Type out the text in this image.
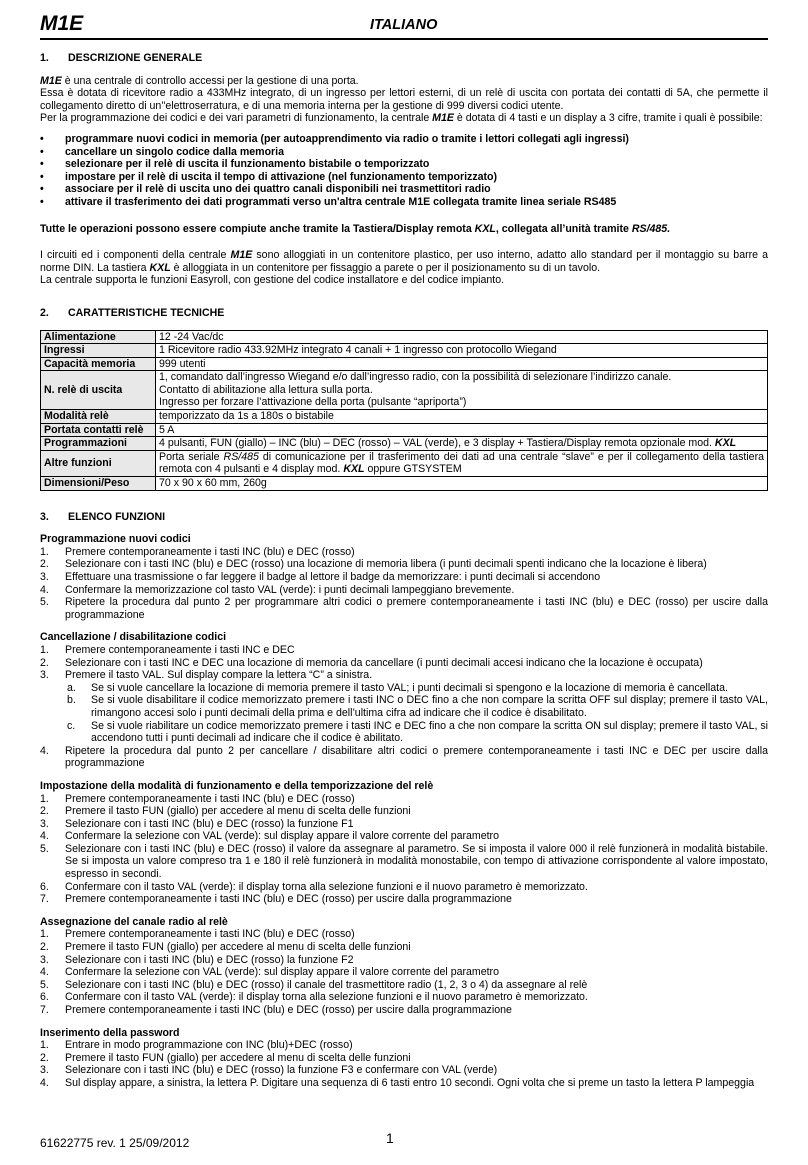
M1E	ITALIANO
1. DESCRIZIONE GENERALE

M1E è una centrale di controllo accessi per la gestione di una porta.

Essa è dotata di ricevitore radio a 433MHz integrato, di un ingresso per lettori esterni, di un relè di uscita con portata dei contatti di 5A, che permette il collegamento diretto di un''elettroserratura, e di una memoria interna per la gestione di 999 diversi codici utente.

Per la programmazione dei codici e dei vari parametri di funzionamento, la centrale M1E è dotata di 4 tasti e un display a 3 cifre, tramite i quali è possibile:

• programmare nuovi codici in memoria (per autoapprendimento via radio o tramite i lettori collegati agli ingressi)
• cancellare un singolo codice dalla memoria
• selezionare per il relè di uscita il funzionamento bistabile o temporizzato
• impostare per il relè di uscita il tempo di attivazione (nel funzionamento temporizzato)
• associare per il relè di uscita uno dei quattro canali disponibili nei trasmettitori radio
• attivare il trasferimento dei dati programmati verso un'altra centrale M1E collegata tramite linea seriale RS485

Tutte le operazioni possono essere compiute anche tramite la Tastiera/Display remota KXL, collegata all’unità tramite RS/485.

I circuiti ed i componenti della centrale M1E sono alloggiati in un contenitore plastico, per uso interno, adatto allo standard per il montaggio su barre a norme DIN. La tastiera KXL è alloggiata in un contenitore per fissaggio a parete o per il posizionamento su di un tavolo.

La centrale supporta le funzioni Easyroll, con gestione del codice installatore e del codice impianto.

2. CARATTERISTICHE TECNICHE
Alimentazione	12 -24 Vac/dc
Ingressi	1 Ricevitore radio 433.92MHz integrato 4 canali + 1 ingresso con protocollo Wiegand
Capacità memoria	999 utenti
N. relè di uscita	1, comandato dall’ingresso Wiegand e/o dall’ingresso radio, con la possibilità di selezionare l’indirizzo canale.
Contatto di abilitazione alla lettura sulla porta.
Ingresso per forzare l’attivazione della porta (pulsante “apriporta”)

Modalità relè	temporizzato da 1s a 180s o bistabile
Portata contatti relè	5 A
Programmazioni	4 pulsanti, FUN (giallo) – INC (blu) – DEC (rosso) – VAL (verde), e 3 display + Tastiera/Display remota opzionale mod. KXL
Altre funzioni	Porta seriale RS/485 di comunicazione per il trasferimento dei dati ad una centrale “slave” e per il collegamento della tastiera remota con 4 pulsanti e 4 display mod. KXL oppure GTSYSTEM
Dimensioni/Peso	70 x 90 x 60 mm, 260g
3. ELENCO FUNZIONI

Programmazione nuovi codici

1. Premere contemporaneamente i tasti INC (blu) e DEC (rosso)
2. Selezionare con i tasti INC (blu) e DEC (rosso) una locazione di memoria libera (i punti decimali spenti indicano che la locazione è libera)
3. Effettuare una trasmissione o far leggere il badge al lettore il badge da memorizzare: i punti decimali si accendono
4. Confermare la memorizzazione col tasto VAL (verde): i punti decimali lampeggiano brevemente.
5. Ripetere la procedura dal punto 2 per programmare altri codici o premere contemporaneamente i tasti INC (blu) e DEC (rosso) per uscire dalla programmazione

Cancellazione / disabilitazione codici

1. Premere contemporaneamente i tasti INC e DEC
2. Selezionare con i tasti INC e DEC una locazione di memoria da cancellare (i punti decimali accesi indicano che la locazione è occupata)
3. Premere il tasto VAL. Sul display compare la lettera “C” a sinistra.
a. Se si vuole cancellare la locazione di memoria premere il tasto VAL; i punti decimali si spengono e la locazione di memoria è cancellata.
b. Se si vuole disabilitare il codice memorizzato premere i tasti INC o DEC fino a che non compare la scritta OFF sul display; premere il tasto VAL, rimangono accesi solo i punti decimali della prima e dell’ultima cifra ad indicare che il codice è disabilitato.
c. Se si vuole riabilitare un codice memorizzato premere i tasti INC e DEC fino a che non compare la scritta ON sul display; premere il tasto VAL, si accendono tutti i punti decimali ad indicare che il codice è abilitato.
4. Ripetere la procedura dal punto 2 per cancellare / disabilitare altri codici o premere contemporaneamente i tasti INC e DEC per uscire dalla programmazione

Impostazione della modalità di funzionamento e della temporizzazione del relè

1. Premere contemporaneamente i tasti INC (blu) e DEC (rosso)
2. Premere il tasto FUN (giallo) per accedere al menu di scelta delle funzioni
3. Selezionare con i tasti INC (blu) e DEC (rosso) la funzione F1
4. Confermare la selezione con VAL (verde): sul display appare il valore corrente del parametro
5. Selezionare con i tasti INC (blu) e DEC (rosso) il valore da assegnare al parametro. Se si imposta il valore 000 il relè funzionerà in modalità bistabile. Se si imposta un valore compreso tra 1 e 180 il relè funzionerà in modalità monostabile, con tempo di attivazione corrispondente al valore impostato, espresso in secondi.
6. Confermare con il tasto VAL (verde): il display torna alla selezione funzioni e il nuovo parametro è memorizzato.
7. Premere contemporaneamente i tasti INC (blu) e DEC (rosso) per uscire dalla programmazione

Assegnazione del canale radio al relè

1. Premere contemporaneamente i tasti INC (blu) e DEC (rosso)
2. Premere il tasto FUN (giallo) per accedere al menu di scelta delle funzioni
3. Selezionare con i tasti INC (blu) e DEC (rosso) la funzione F2
4. Confermare la selezione con VAL (verde): sul display appare il valore corrente del parametro
5. Selezionare con i tasti INC (blu) e DEC (rosso) il canale del trasmettitore radio (1, 2, 3 o 4) da assegnare al relè
6. Confermare con il tasto VAL (verde): il display torna alla selezione funzioni e il nuovo parametro è memorizzato.
7. Premere contemporaneamente i tasti INC (blu) e DEC (rosso) per uscire dalla programmazione

Inserimento della password

1. Entrare in modo programmazione con INC (blu)+DEC (rosso)
2. Premere il tasto FUN (giallo) per accedere al menu di scelta delle funzioni
3. Selezionare con i tasti INC (blu) e DEC (rosso) la funzione F3 e confermare con VAL (verde)
4. Sul display appare, a sinistra, la lettera P. Digitare una sequenza di 6 tasti entro 10 secondi. Ogni volta che si preme un tasto la lettera P lampeggia
61622775 rev. 1 25/09/2012	1
